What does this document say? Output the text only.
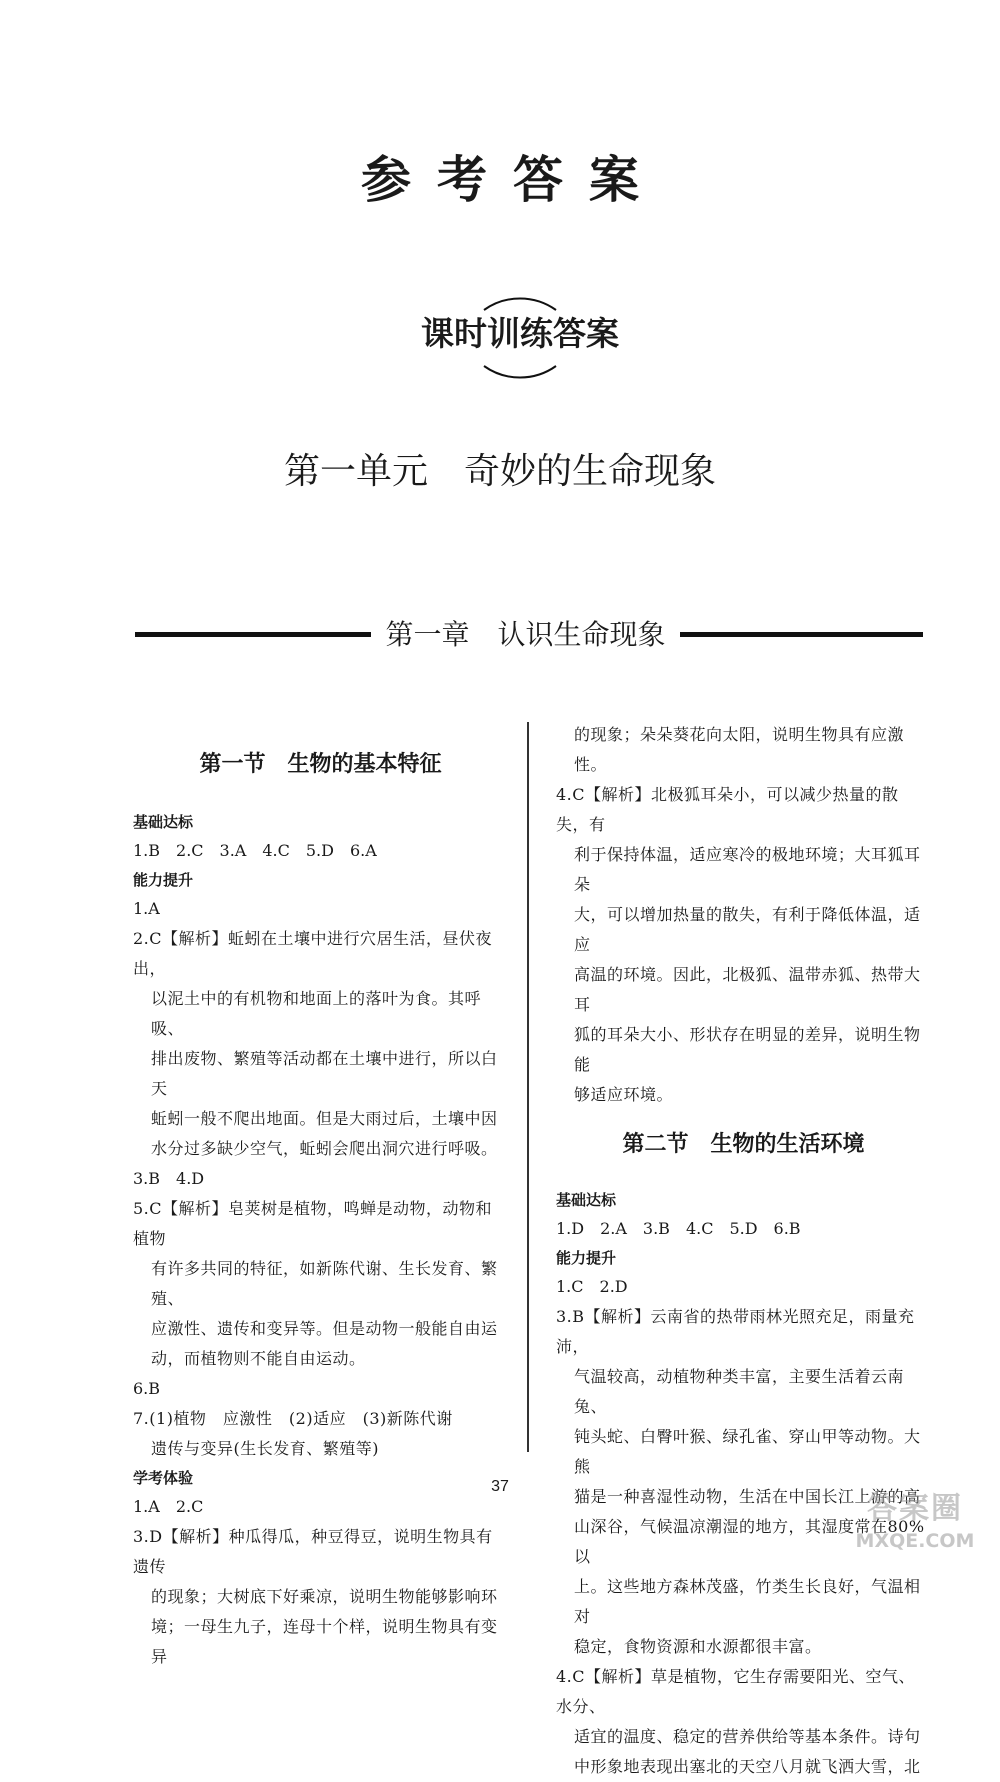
参考答案
课时训练答案
第一单元　奇妙的生命现象
第一章　认识生命现象
第一节　生物的基本特征
基础达标
1.B　2.C　3.A　4.C　5.D　6.A
能力提升
1.A
2.C【解析】蚯蚓在土壤中进行穴居生活，昼伏夜出，
以泥土中的有机物和地面上的落叶为食。其呼吸、
排出废物、繁殖等活动都在土壤中进行，所以白天
蚯蚓一般不爬出地面。但是大雨过后，土壤中因
水分过多缺少空气，蚯蚓会爬出洞穴进行呼吸。
3.B　4.D
5.C【解析】皂荚树是植物，鸣蝉是动物，动物和植物
有许多共同的特征，如新陈代谢、生长发育、繁殖、
应激性、遗传和变异等。但是动物一般能自由运
动，而植物则不能自由运动。
6.B
7.(1)植物　应激性　(2)适应　(3)新陈代谢
遗传与变异(生长发育、繁殖等)
学考体验
1.A　2.C
3.D【解析】种瓜得瓜，种豆得豆，说明生物具有遗传
的现象；大树底下好乘凉，说明生物能够影响环
境；一母生九子，连母十个样，说明生物具有变异
的现象；朵朵葵花向太阳，说明生物具有应激性。
4.C【解析】北极狐耳朵小，可以减少热量的散失，有
利于保持体温，适应寒冷的极地环境；大耳狐耳朵
大，可以增加热量的散失，有利于降低体温，适应
高温的环境。因此，北极狐、温带赤狐、热带大耳
狐的耳朵大小、形状存在明显的差异，说明生物能
够适应环境。
第二节　生物的生活环境
基础达标
1.D　2.A　3.B　4.C　5.D　6.B
能力提升
1.C　2.D
3.B【解析】云南省的热带雨林光照充足，雨量充沛，
气温较高，动植物种类丰富，主要生活着云南兔、
钝头蛇、白臀叶猴、绿孔雀、穿山甲等动物。大熊
猫是一种喜湿性动物，生活在中国长江上游的高
山深谷，气候温凉潮湿的地方，其湿度常在80%以
上。这些地方森林茂盛，竹类生长良好，气温相对
稳定，食物资源和水源都很丰富。
4.C【解析】草是植物，它生存需要阳光、空气、水分、
适宜的温度、稳定的营养供给等基本条件。诗句
中形象地表现出塞北的天空八月就飞洒大雪，北
37
答案圈
MXQE.COM
